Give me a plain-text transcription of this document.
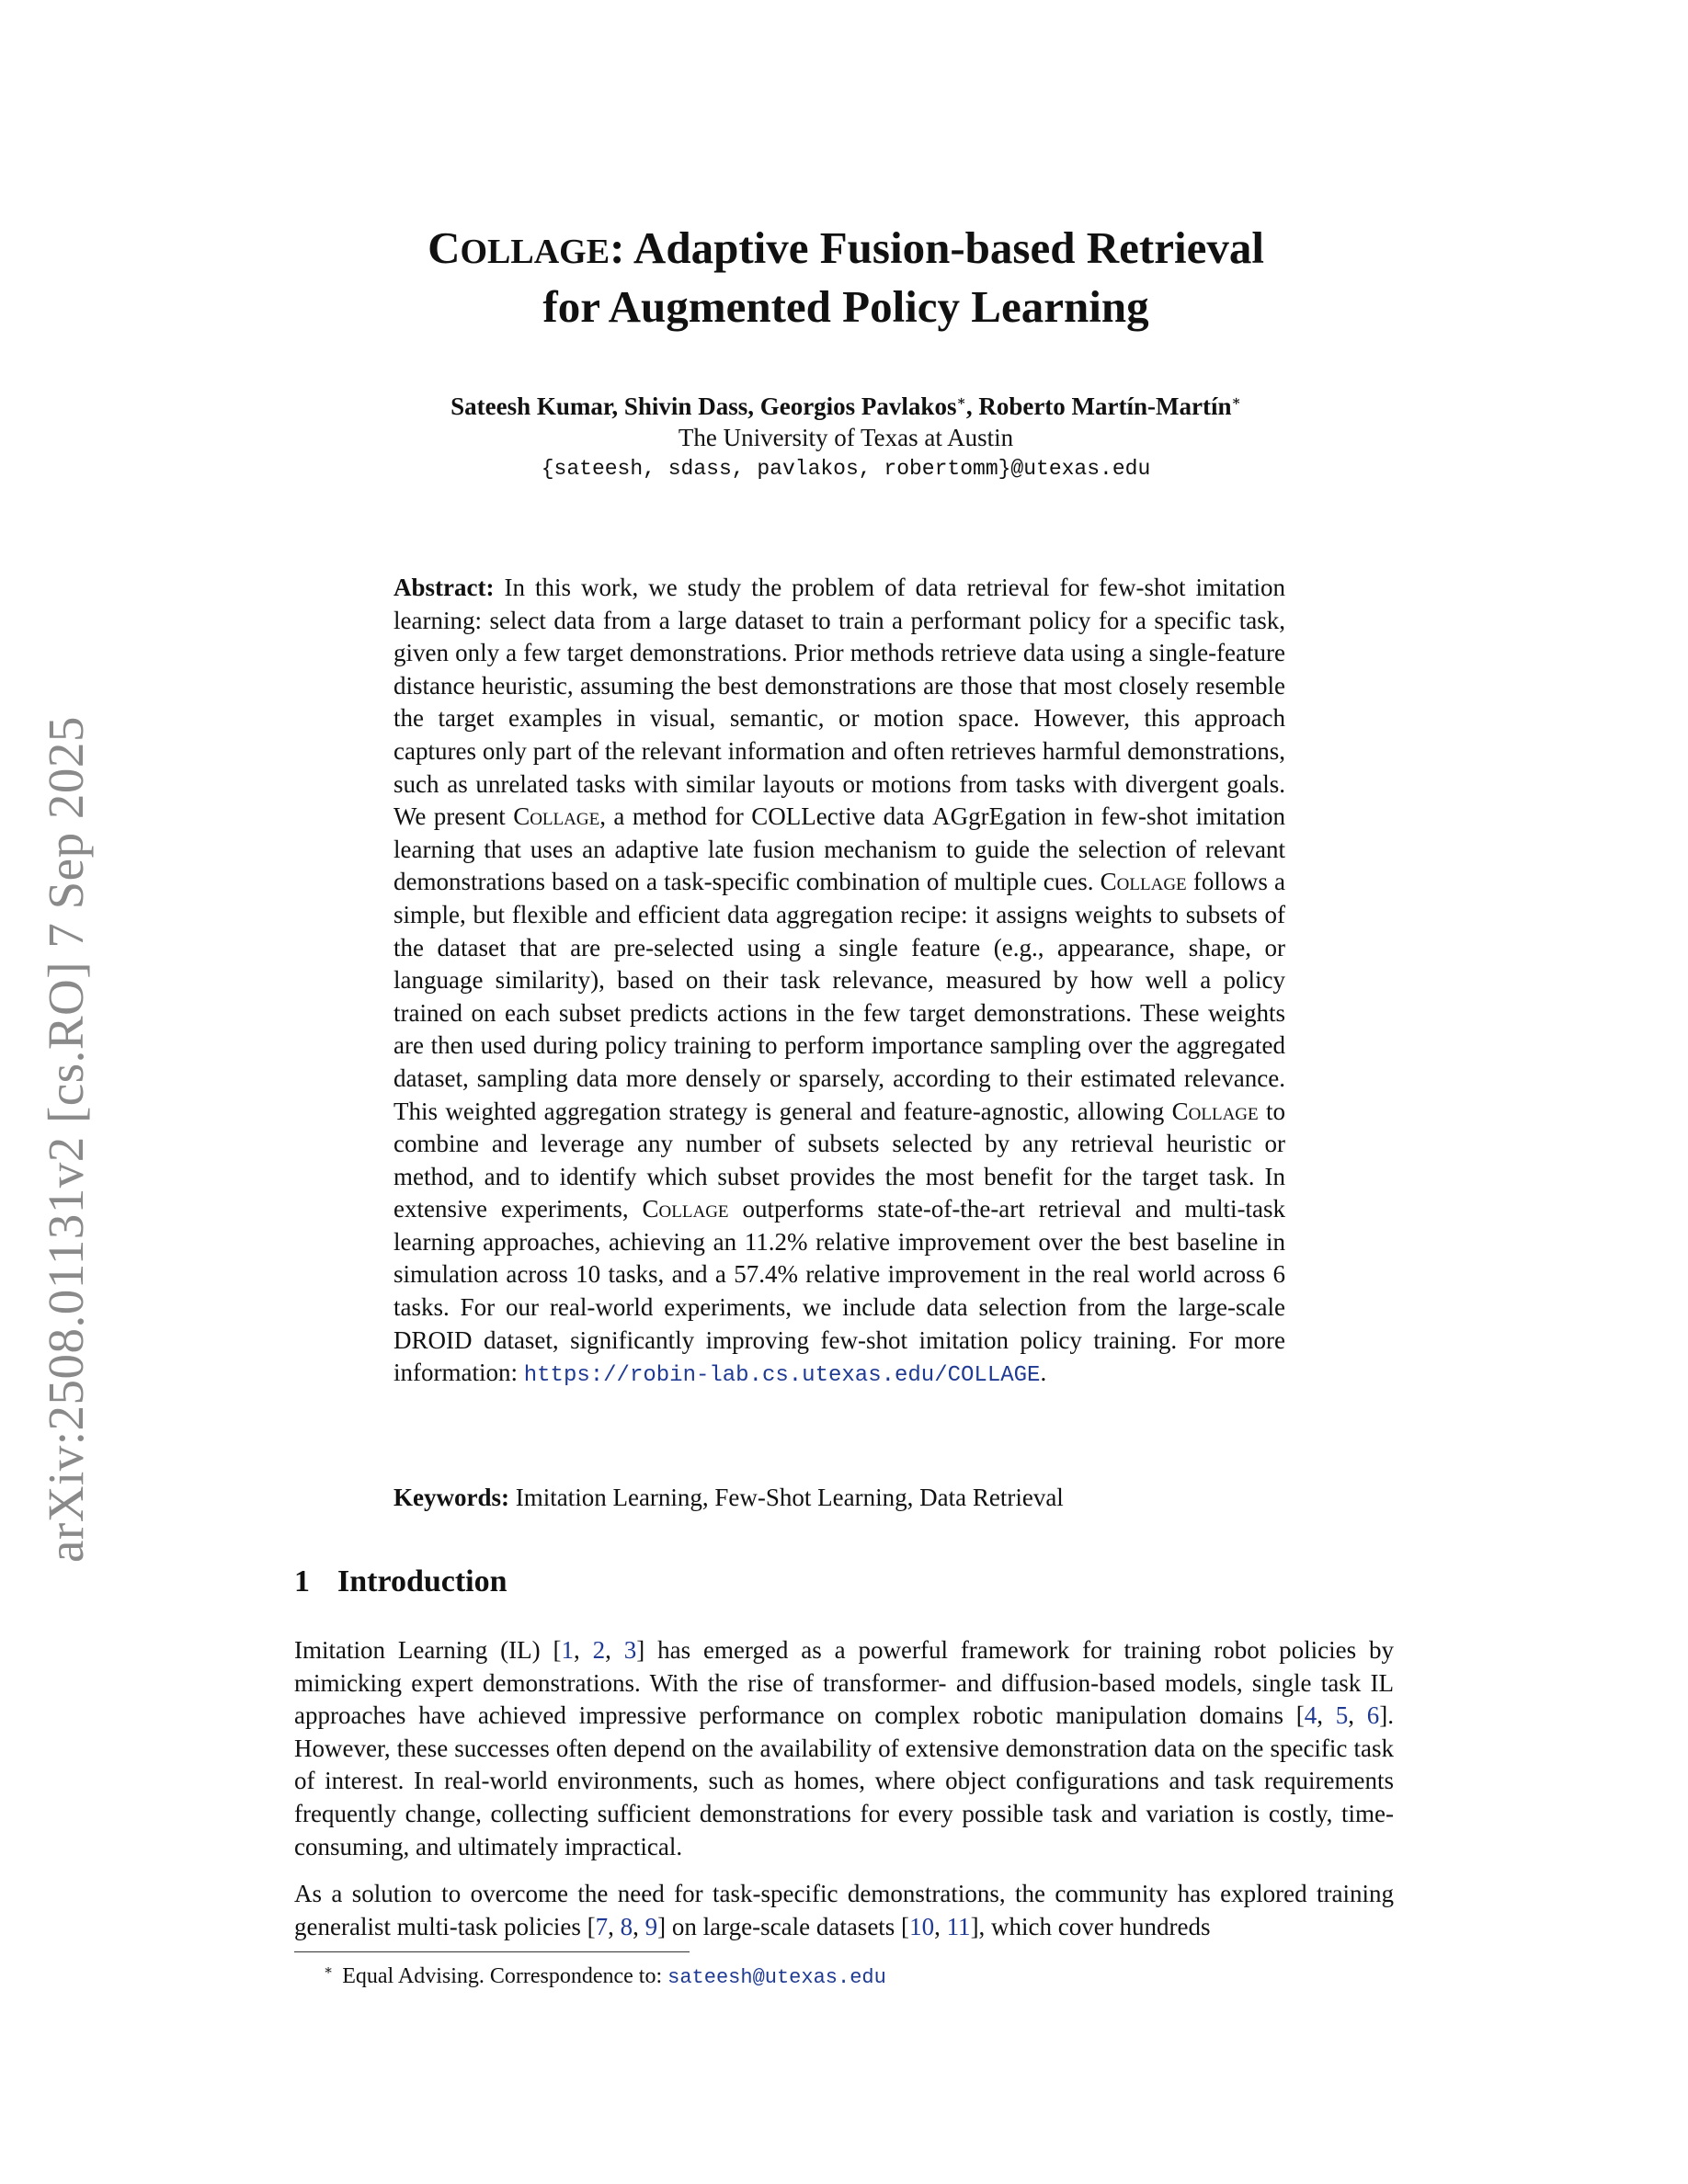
arXiv:2508.01131v2 [cs.RO] 7 Sep 2025
COLLAGE: Adaptive Fusion-based Retrieval
for Augmented Policy Learning
Sateesh Kumar, Shivin Dass, Georgios Pavlakos∗, Roberto Martín-Martín∗
The University of Texas at Austin
{sateesh, sdass, pavlakos, robertomm}@utexas.edu
Abstract: In this work, we study the problem of data retrieval for few-shot imitation learning: select data from a large dataset to train a performant policy for a specific task, given only a few target demonstrations. Prior methods retrieve data using a single-feature distance heuristic, assuming the best demonstrations are those that most closely resemble the target examples in visual, semantic, or motion space. However, this approach captures only part of the relevant information and often retrieves harmful demonstrations, such as unrelated tasks with similar layouts or motions from tasks with divergent goals. We present Collage, a method for COLLective data AGgrEgation in few-shot imitation learning that uses an adaptive late fusion mechanism to guide the selection of relevant demonstrations based on a task-specific combination of multiple cues. Collage follows a simple, but flexible and efficient data aggregation recipe: it assigns weights to subsets of the dataset that are pre-selected using a single feature (e.g., appearance, shape, or language similarity), based on their task relevance, measured by how well a policy trained on each subset predicts actions in the few target demonstrations. These weights are then used during policy training to perform importance sampling over the aggregated dataset, sampling data more densely or sparsely, according to their estimated relevance. This weighted aggregation strategy is general and feature-agnostic, allowing Collage to combine and leverage any number of subsets selected by any retrieval heuristic or method, and to identify which subset provides the most benefit for the target task. In extensive experiments, Collage outperforms state-of-the-art retrieval and multi-task learning approaches, achieving an 11.2% relative improvement over the best baseline in simulation across 10 tasks, and a 57.4% relative improvement in the real world across 6 tasks. For our real-world experiments, we include data selection from the large-scale DROID dataset, significantly improving few-shot imitation policy training. For more information: https://robin-lab.cs.utexas.edu/COLLAGE.
Keywords: Imitation Learning, Few-Shot Learning, Data Retrieval
1 Introduction
Imitation Learning (IL) [1, 2, 3] has emerged as a powerful framework for training robot policies by mimicking expert demonstrations. With the rise of transformer- and diffusion-based models, single task IL approaches have achieved impressive performance on complex robotic manipulation domains [4, 5, 6]. However, these successes often depend on the availability of extensive demonstration data on the specific task of interest. In real-world environments, such as homes, where object configurations and task requirements frequently change, collecting sufficient demonstrations for every possible task and variation is costly, time-consuming, and ultimately impractical.
As a solution to overcome the need for task-specific demonstrations, the community has explored training generalist multi-task policies [7, 8, 9] on large-scale datasets [10, 11], which cover hundreds
∗ Equal Advising. Correspondence to: sateesh@utexas.edu
